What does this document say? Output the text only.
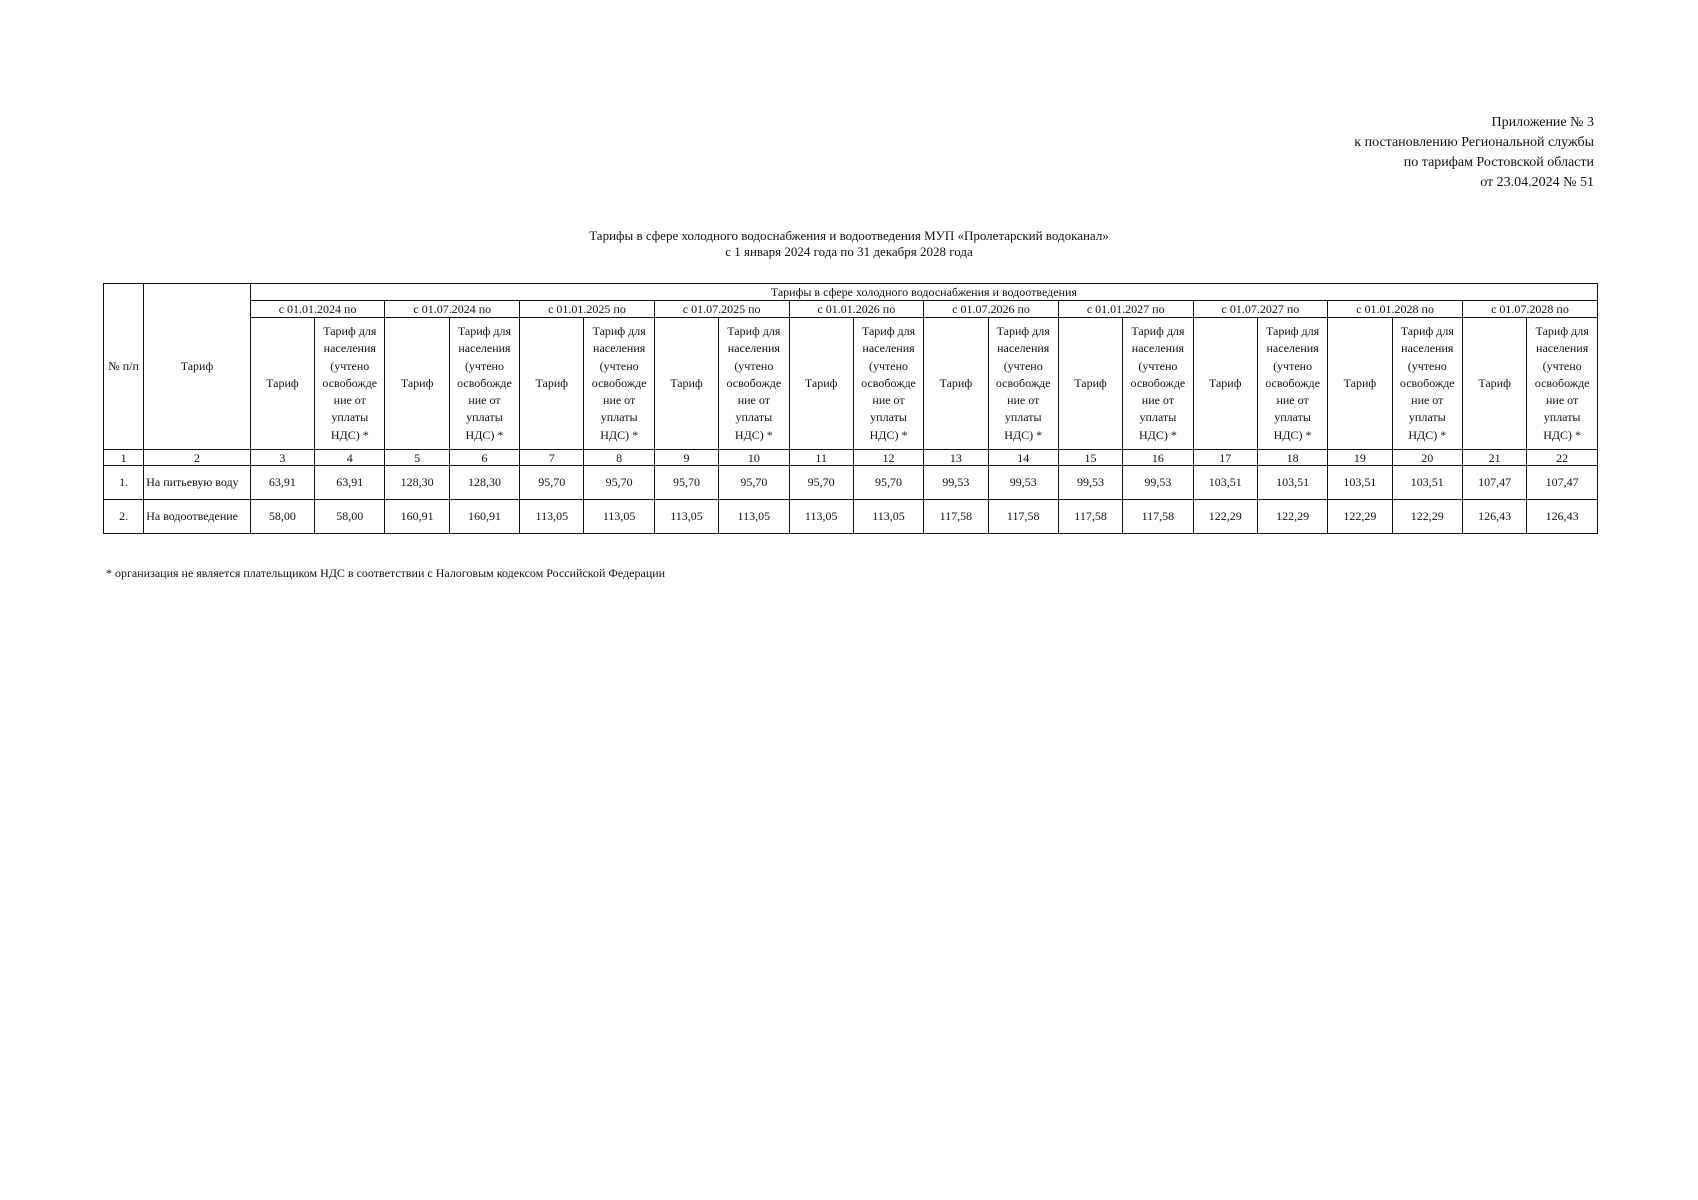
Приложение № 3
к постановлению Региональной службы
по тарифам Ростовской области
от 23.04.2024 № 51
Тарифы в сфере холодного водоснабжения и водоотведения МУП «Пролетарский водоканал»
с 1 января 2024 года по 31 декабря 2028 года
№ п/п	Тариф	Тарифы в сфере холодного водоснабжения и водоотведения																			
		с 01.01.2024 по		с 01.07.2024 по		с 01.01.2025 по		с 01.07.2025 по		с 01.01.2026 по		с 01.07.2026 по		с 01.01.2027 по		с 01.07.2027 по		с 01.01.2028 по		с 01.07.2028 по	
		Тариф	Тариф для населения (учтено освобожде ние от уплаты НДС) *	Тариф	Тариф для населения (учтено освобожде ние от уплаты НДС) *	Тариф	Тариф для населения (учтено освобожде ние от уплаты НДС) *	Тариф	Тариф для населения (учтено освобожде ние от уплаты НДС) *	Тариф	Тариф для населения (учтено освобожде ние от уплаты НДС) *	Тариф	Тариф для населения (учтено освобожде ние от уплаты НДС) *	Тариф	Тариф для населения (учтено освобожде ние от уплаты НДС) *	Тариф	Тариф для населения (учтено освобожде ние от уплаты НДС) *	Тариф	Тариф для населения (учтено освобожде ние от уплаты НДС) *	Тариф	Тариф для населения (учтено освобожде ние от уплаты НДС) *
1	2	3	4	5	6	7	8	9	10	11	12	13	14	15	16	17	18	19	20	21	22
1.	На питьевую воду	63,91	63,91	128,30	128,30	95,70	95,70	95,70	95,70	95,70	95,70	99,53	99,53	99,53	99,53	103,51	103,51	103,51	103,51	107,47	107,47
2.	На водоотведение	58,00	58,00	160,91	160,91	113,05	113,05	113,05	113,05	113,05	113,05	117,58	117,58	117,58	117,58	122,29	122,29	122,29	122,29	126,43	126,43
* организация не является плательщиком НДС в соответствии с Налоговым кодексом Российской Федерации
